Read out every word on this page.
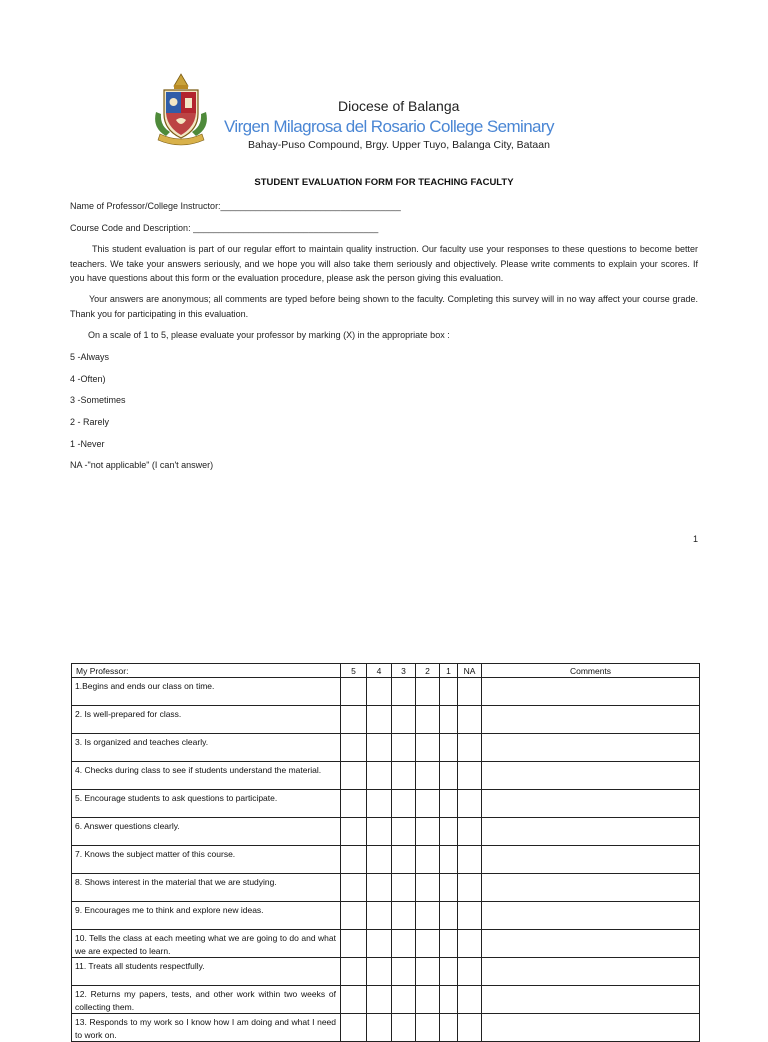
Diocese of Balanga
Virgen Milagrosa del Rosario College Seminary
Bahay-Puso Compound, Brgy. Upper Tuyo, Balanga City, Bataan
STUDENT EVALUATION FORM FOR TEACHING FACULTY
Name of Professor/College Instructor:____________________________________
Course Code and Description: _____________________________________

This student evaluation is part of our regular effort to maintain quality instruction. Our faculty use your responses to these questions to become better teachers. We take your answers seriously, and we hope you will also take them seriously and objectively. Please write comments to explain your scores. If you have questions about this form or the evaluation procedure, please ask the person giving this evaluation.

Your answers are anonymous; all comments are typed before being shown to the faculty. Completing this survey will in no way affect your course grade. Thank you for participating in this evaluation.

On a scale of 1 to 5, please evaluate your professor by marking (X) in the appropriate box :

5 -Always
4 -Often)
3 -Sometimes
2 - Rarely
1 -Never
NA -"not applicable" (I can't answer)
1
My Professor:	5	4	3	2	1	NA	Comments
1.Begins and ends our class on time.							
2. Is well-prepared for class.							
3. Is organized and teaches clearly.							
4. Checks during class to see if students understand the material.							
5. Encourage students to ask questions to participate.							
6. Answer questions clearly.							
7. Knows the subject matter of this course.							
8. Shows interest in the material that we are studying.							
9. Encourages me to think and explore new ideas.							
10. Tells the class at each meeting what we are going to do and what we are expected to learn.							
11. Treats all students respectfully.							
12. Returns my papers, tests, and other work within two weeks of collecting them.							
13. Responds to my work so I know how I am doing and what I need to work on.							
